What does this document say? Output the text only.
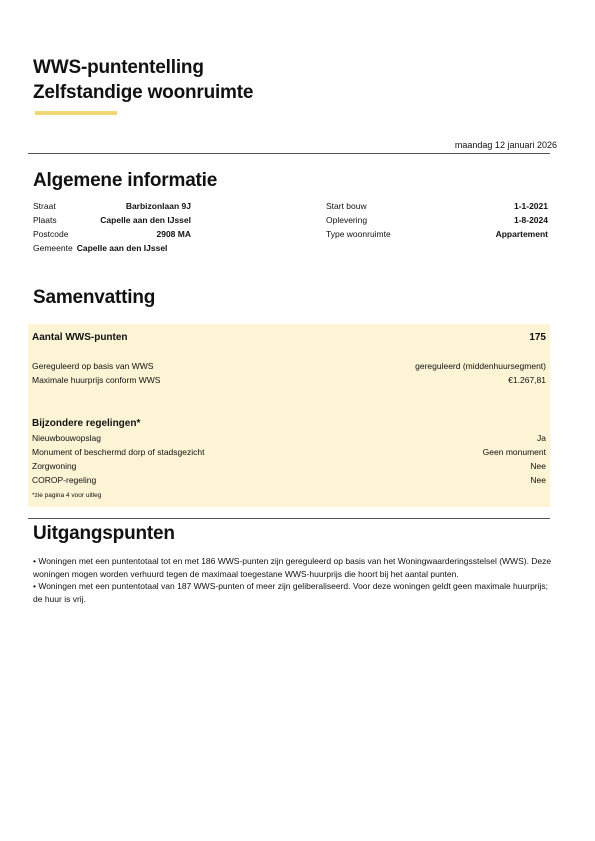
WWS-puntentelling
Zelfstandige woonruimte
maandag 12 januari 2026
Algemene informatie
Straat	Barbizonlaan 9J
Plaats	Capelle aan den IJssel
Postcode	2908 MA
Gemeente Capelle aan den IJssel
Start bouw	1-1-2021
Oplevering	1-8-2024
Type woonruimte	Appartement
Samenvatting
Aantal WWS-punten	175
Gereguleerd op basis van WWS	gereguleerd (middenhuursegment)
Maximale huurprijs conform WWS	€1.267,81
Bijzondere regelingen*
Nieuwbouwopslag	Ja
Monument of beschermd dorp of stadsgezicht	Geen monument
Zorgwoning	Nee
COROP-regeling	Nee
*zie pagina 4 voor uitleg
Uitgangspunten

• Woningen met een puntentotaal tot en met 186 WWS-punten zijn gereguleerd op basis van het Woningwaarderingsstelsel (WWS). Deze woningen mogen worden verhuurd tegen de maximaal toegestane WWS-huurprijs die hoort bij het aantal punten.

• Woningen met een puntentotaal van 187 WWS-punten of meer zijn geliberaliseerd. Voor deze woningen geldt geen maximale huurprijs; de huur is vrij.
